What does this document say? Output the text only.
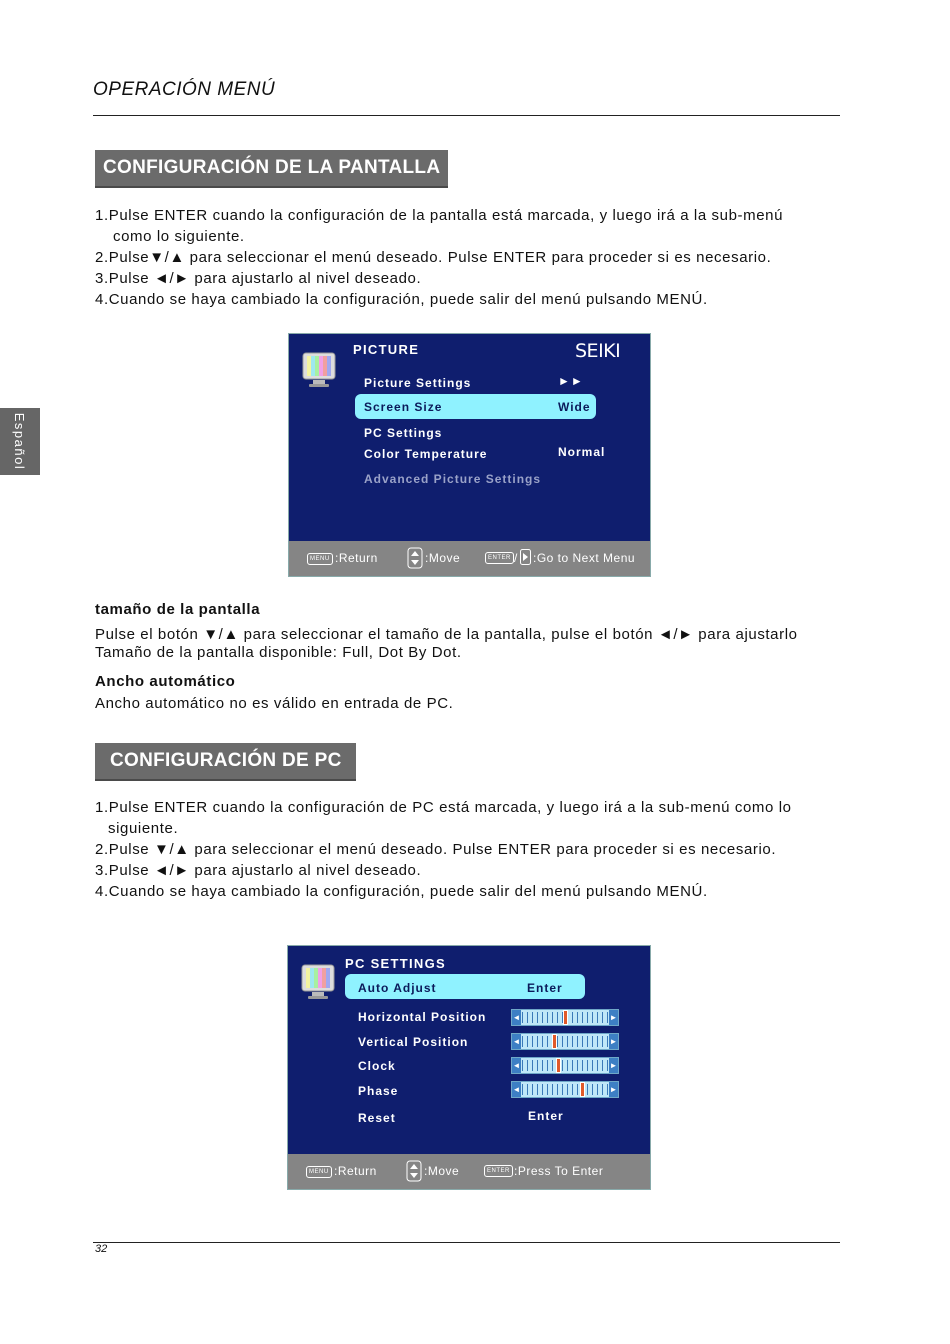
OPERACIÓN MENÚ
Español
CONFIGURACIÓN DE LA PANTALLA
1.Pulse ENTER cuando la configuración de la pantalla está marcada, y luego irá a la sub-menú
como lo siguiente.
2.Pulse▼/▲ para seleccionar el menú deseado. Pulse ENTER para proceder si es necesario.
3.Pulse ◄/► para ajustarlo al nivel deseado.
4.Cuando se haya cambiado la configuración, puede salir del menú pulsando MENÚ.
PICTURE	SEIKI
Picture Settings	►►
Screen Size	Wide
PC Settings
Color Temperature	Normal
Advanced Picture Settings
MENU :Return	:Move	ENTER / :Go to Next Menu
tamaño de la pantalla
Pulse el botón ▼/▲ para seleccionar el tamaño de la pantalla, pulse el botón ◄/► para ajustarlo
Tamaño de la pantalla disponible: Full, Dot By Dot.
Ancho automático
Ancho automático no es válido en entrada de PC.
CONFIGURACIÓN DE PC
1.Pulse ENTER cuando la configuración de PC está marcada, y luego irá a la sub-menú como lo
siguiente.
2.Pulse ▼/▲ para seleccionar el menú deseado. Pulse ENTER para proceder si es necesario.
3.Pulse ◄/► para ajustarlo al nivel deseado.
4.Cuando se haya cambiado la configuración, puede salir del menú pulsando MENÚ.
PC SETTINGS
Auto Adjust	Enter
Horizontal Position	◄	►
Vertical Position	◄	►
Clock	◄	►
Phase	◄	►
Reset	Enter
MENU :Return	:Move	ENTER :Press To Enter
32
